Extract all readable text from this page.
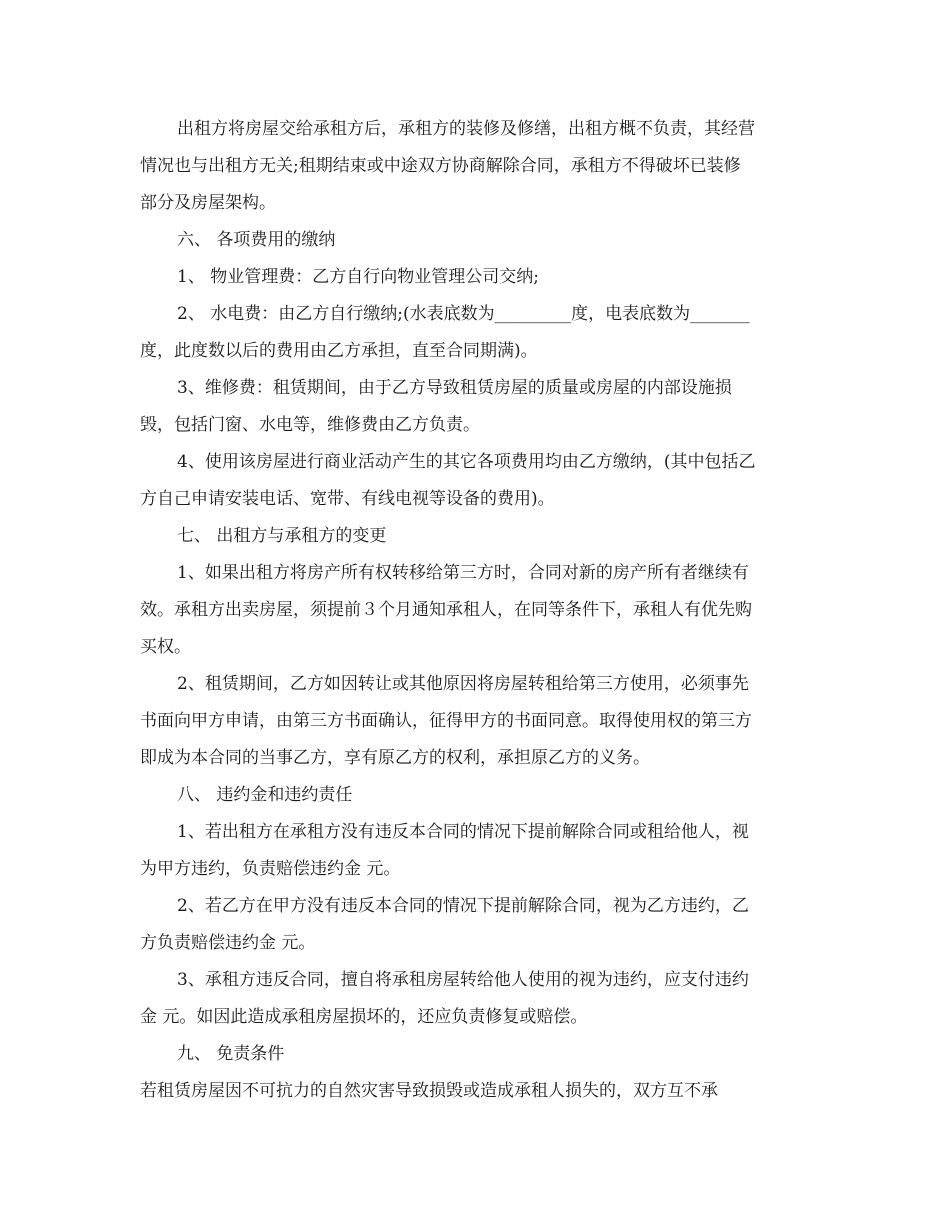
出租方将房屋交给承租方后，承租方的装修及修缮，出租方概不负责，其经营
情况也与出租方无关;租期结束或中途双方协商解除合同，承租方不得破坏已装修
部分及房屋架构。
六、 各项费用的缴纳
1、 物业管理费：乙方自行向物业管理公司交纳;
2、 水电费：由乙方自行缴纳;(水表底数为_________度，电表底数为_______
度，此度数以后的费用由乙方承担，直至合同期满)。
3、维修费：租赁期间，由于乙方导致租赁房屋的质量或房屋的内部设施损
毁，包括门窗、水电等，维修费由乙方负责。
4、使用该房屋进行商业活动产生的其它各项费用均由乙方缴纳，(其中包括乙
方自己申请安装电话、宽带、有线电视等设备的费用)。
七、 出租方与承租方的变更
1、如果出租方将房产所有权转移给第三方时，合同对新的房产所有者继续有
效。承租方出卖房屋，须提前３个月通知承租人，在同等条件下，承租人有优先购
买权。
2、租赁期间，乙方如因转让或其他原因将房屋转租给第三方使用，必须事先
书面向甲方申请，由第三方书面确认，征得甲方的书面同意。取得使用权的第三方
即成为本合同的当事乙方，享有原乙方的权利，承担原乙方的义务。
八、 违约金和违约责任
1、若出租方在承租方没有违反本合同的情况下提前解除合同或租给他人，视
为甲方违约，负责赔偿违约金 元。
2、若乙方在甲方没有违反本合同的情况下提前解除合同，视为乙方违约，乙
方负责赔偿违约金 元。
3、承租方违反合同，擅自将承租房屋转给他人使用的视为违约，应支付违约
金 元。如因此造成承租房屋损坏的，还应负责修复或赔偿。
九、 免责条件
若租赁房屋因不可抗力的自然灾害导致损毁或造成承租人损失的，双方互不承
